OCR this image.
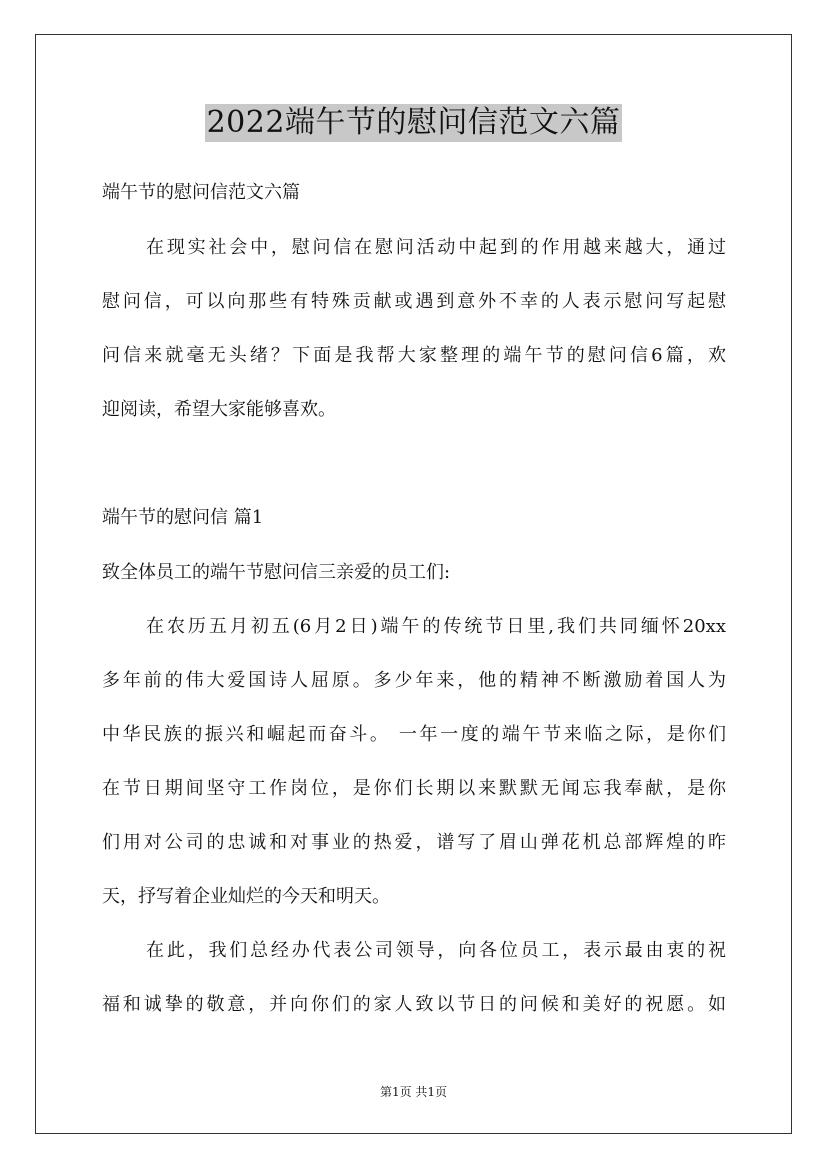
2022端午节的慰问信范文六篇
端午节的慰问信范文六篇
在现实社会中，慰问信在慰问活动中起到的作用越来越大，通过
慰问信，可以向那些有特殊贡献或遇到意外不幸的人表示慰问写起慰
问信来就毫无头绪？下面是我帮大家整理的端午节的慰问信6篇，欢
迎阅读，希望大家能够喜欢。
端午节的慰问信 篇1
致全体员工的端午节慰问信三亲爱的员工们:
在农历五月初五(6月2日)端午的传统节日里,我们共同缅怀20xx
多年前的伟大爱国诗人屈原。多少年来，他的精神不断激励着国人为
中华民族的振兴和崛起而奋斗。 一年一度的端午节来临之际，是你们
在节日期间坚守工作岗位，是你们长期以来默默无闻忘我奉献，是你
们用对公司的忠诚和对事业的热爱，谱写了眉山弹花机总部辉煌的昨
天，抒写着企业灿烂的今天和明天。
在此，我们总经办代表公司领导，向各位员工，表示最由衷的祝
福和诚挚的敬意，并向你们的家人致以节日的问候和美好的祝愿。如
第1页 共1页
